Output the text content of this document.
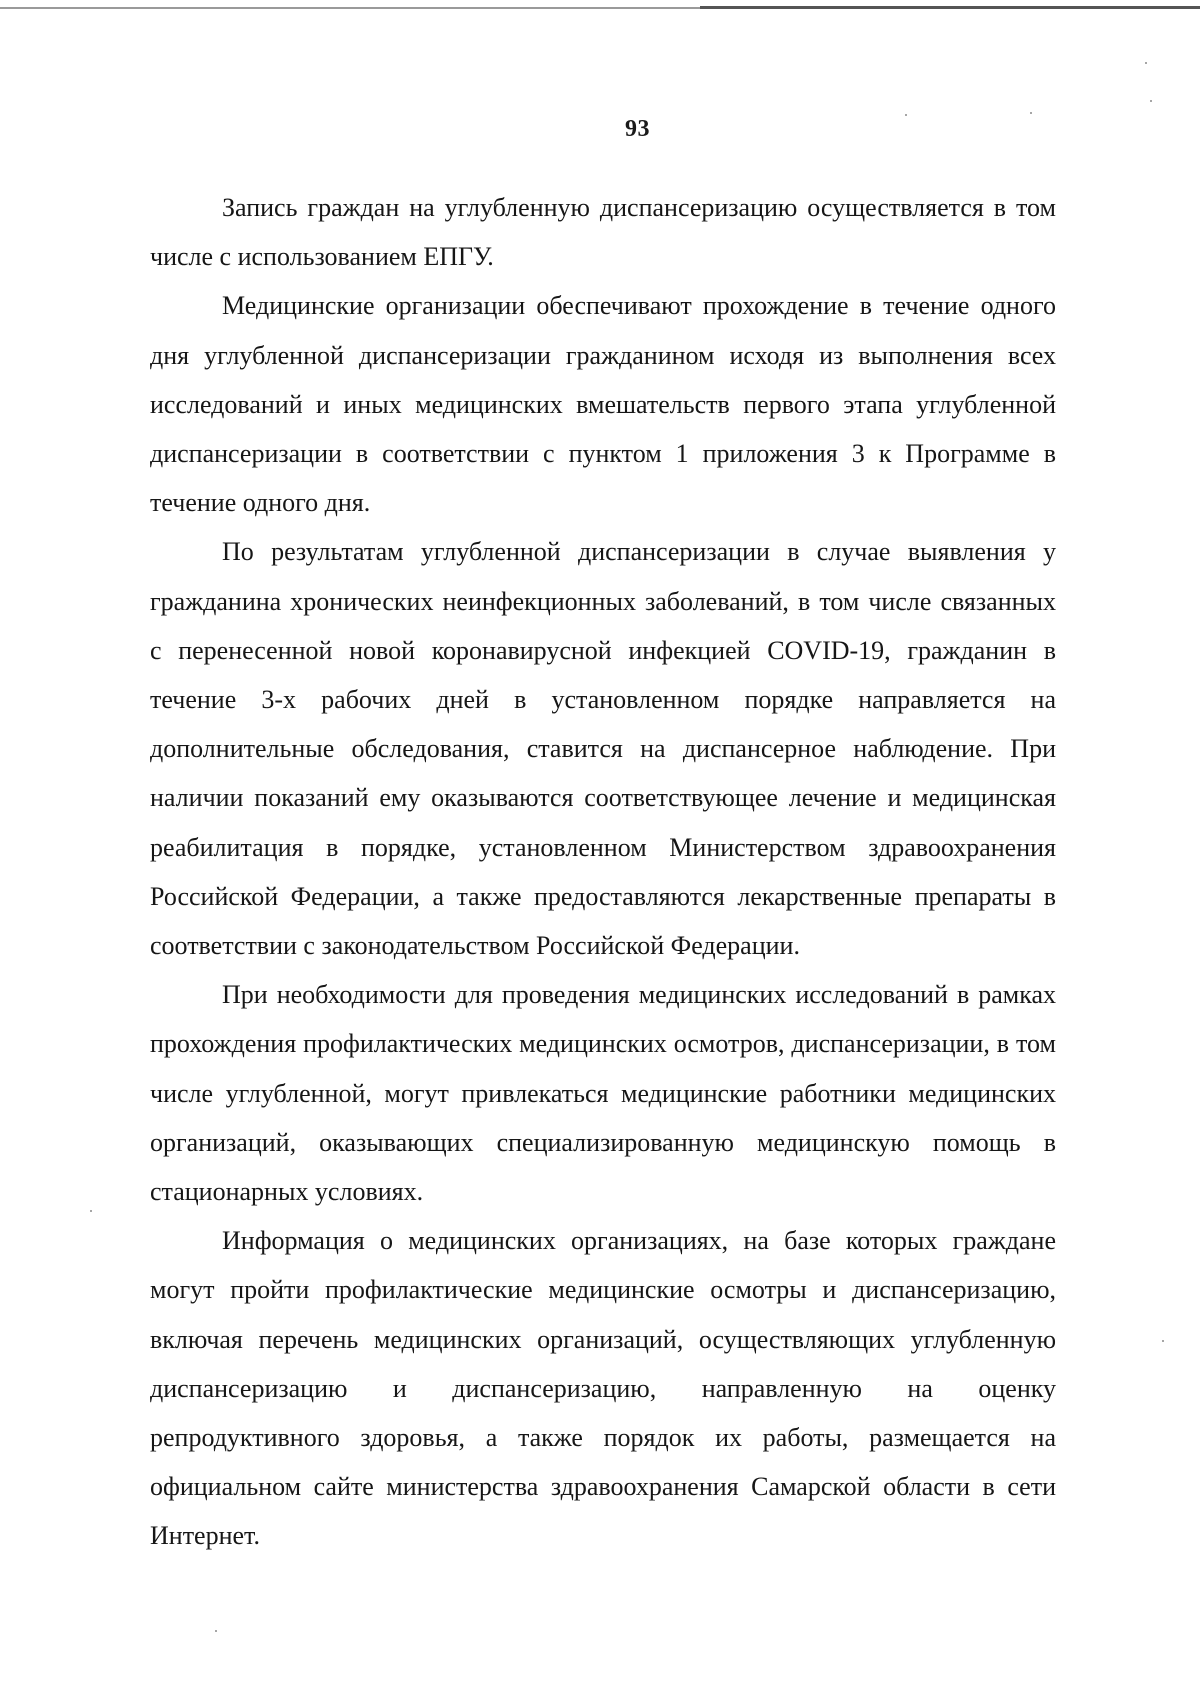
93

Запись граждан на углубленную диспансеризацию осуществляется в том числе с использованием ЕПГУ.

Медицинские организации обеспечивают прохождение в течение одного дня углубленной диспансеризации гражданином исходя из выполнения всех исследований и иных медицинских вмешательств первого этапа углубленной диспансеризации в соответствии с пунктом 1 приложения 3 к Программе в течение одного дня.

По результатам углубленной диспансеризации в случае выявления у гражданина хронических неинфекционных заболеваний, в том числе связанных с перенесенной новой коронавирусной инфекцией COVID-19, гражданин в течение 3-х рабочих дней в установленном порядке направляется на дополнительные обследования, ставится на диспансерное наблюдение. При наличии показаний ему оказываются соответствующее лечение и медицинская реабилитация в порядке, установленном Министерством здравоохранения Российской Федерации, а также предоставляются лекарственные препараты в соответствии с законодательством Российской Федерации.

При необходимости для проведения медицинских исследований в рамках прохождения профилактических медицинских осмотров, диспансеризации, в том числе углубленной, могут привлекаться медицинские работники медицинских организаций, оказывающих специализированную медицинскую помощь в стационарных условиях.

Информация о медицинских организациях, на базе которых граждане могут пройти профилактические медицинские осмотры и диспансеризацию, включая перечень медицинских организаций, осуществляющих углубленную диспансеризацию и диспансеризацию, направленную на оценку репродуктивного здоровья, а также порядок их работы, размещается на официальном сайте министерства здравоохранения Самарской области в сети Интернет.
